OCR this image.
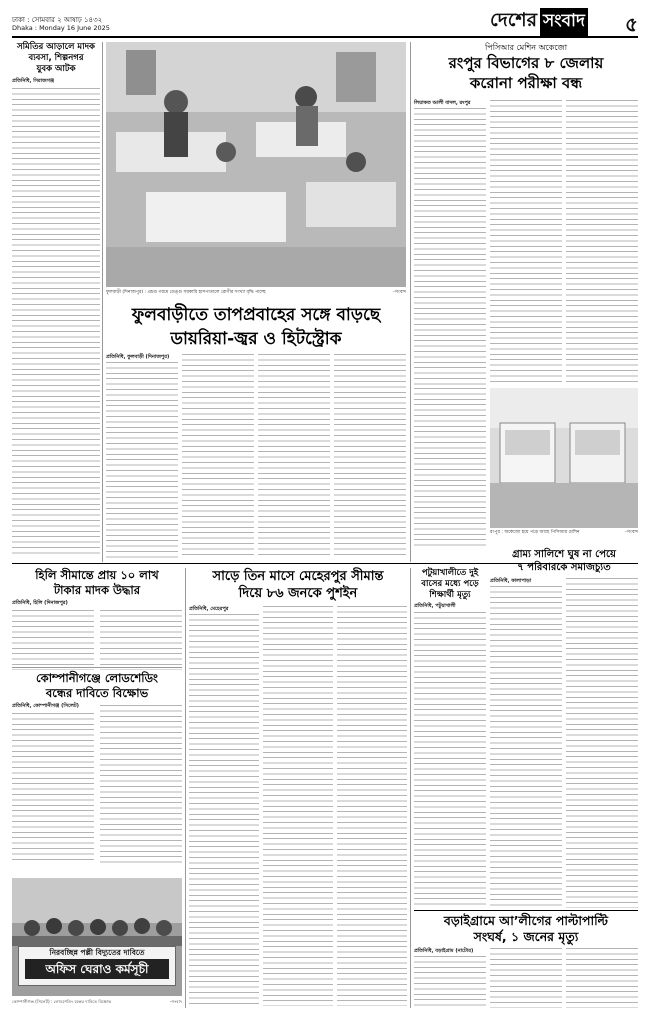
ঢাকা : সোমবার ২ আষাঢ় ১৪৩২
Dhaka : Monday 16 June 2025	দেশের সংবাদ ৫
সমিতির আড়ালে মাদক
ব্যবসা, শিল্পনগর
যুবক আটক
প্রতিনিধি, সিরাজগঞ্জ
ফুলবাড়ী (দিনাজপুর) : প্রচণ্ড গরমে ডেঙ্গু সরকারি হাসপাতালে রোগীর সংখ্যা বৃদ্ধি পাচ্ছে	–সংবাদ
ফুলবাড়ীতে তাপপ্রবাহের সঙ্গে বাড়ছে
ডায়রিয়া-জ্বর ও হিটস্ট্রোক
প্রতিনিধি, ফুলবাড়ী (দিনাজপুর)
পিসিআর মেশিন অকেজো
রংপুর বিভাগের ৮ জেলায়
করোনা পরীক্ষা বন্ধ
লিয়াকত আলী বাদল, রংপুর
রংপুর : অকেজো হয়ে পড়ে আছে পিসিআর মেশিন	–সংবাদ
হিলি সীমান্তে প্রায় ১০ লাখ
টাকার মাদক উদ্ধার
প্রতিনিধি, হিলি (দিনাজপুর)
কোম্পানীগঞ্জে লোডশেডিং
বন্ধের দাবিতে বিক্ষোভ
প্রতিনিধি, কোম্পানীগঞ্জ (সিলেট)
নিরবচ্ছিন্ন পল্লী বিদ্যুতের দাবিতে
অফিস ঘেরাও কর্মসূচী
কোম্পানীগঞ্জ (সিলেট) : লোডশেডিং বন্ধের দাবিতে বিক্ষোভ	–সংবাদ
সাড়ে তিন মাসে মেহেরপুর সীমান্ত
দিয়ে ৮৬ জনকে পুশইন
প্রতিনিধি, মেহেরপুর
পটুয়াখালীতে দুই
বাসের মধ্যে পড়ে
শিক্ষার্থী মৃত্যু
প্রতিনিধি, পটুয়াখালী
গ্রাম্য সালিশে ঘুষ না পেয়ে
৭ পরিবারকে সমাজচ্যুত
প্রতিনিধি, কালাপাড়া
বড়াইগ্রামে আ’লীগের পাল্টাপাল্টি
সংঘর্ষ, ১ জনের মৃত্যু
প্রতিনিধি, বড়াইগ্রাম (নাটোর)
